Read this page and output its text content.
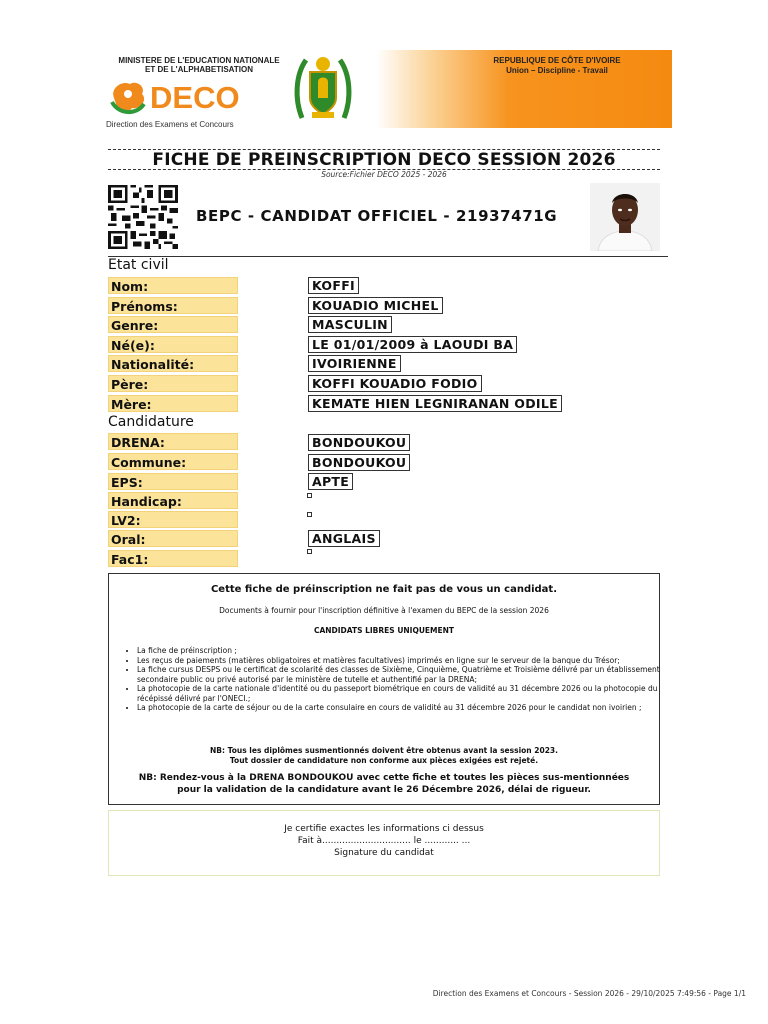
MINISTERE DE L'EDUCATION NATIONALE
ET DE L'ALPHABETISATION
DECO
Direction des Examens et Concours
REPUBLIQUE DE CÔTE D'IVOIRE
Union – Discipline - Travail
FICHE DE PREINSCRIPTION DECO SESSION 2026
Source:Fichier DECO 2025 - 2026
BEPC - CANDIDAT OFFICIEL - 21937471G
Etat civil
Nom:	KOFFI
Prénoms:	KOUADIO MICHEL
Genre:	MASCULIN
Né(e):	LE 01/01/2009 à LAOUDI BA
Nationalité:	IVOIRIENNE
Père:	KOFFI KOUADIO FODIO
Mère:	KEMATE HIEN LEGNIRANAN ODILE
Candidature
DRENA:	BONDOUKOU
Commune:	BONDOUKOU
EPS:	APTE
Handicap:
LV2:
Oral:	ANGLAIS
Fac1:
Cette fiche de préinscription ne fait pas de vous un candidat.
Documents à fournir pour l'inscription définitive à l'examen du BEPC de la session 2026
CANDIDATS LIBRES UNIQUEMENT
• La fiche de préinscription ;
• Les reçus de paiements (matières obligatoires et matières facultatives) imprimés en ligne sur le serveur de la banque du Trésor;
• La fiche cursus DESPS ou le certificat de scolarité des classes de Sixième, Cinquième, Quatrième et Troisième délivré par un établissement secondaire public ou privé autorisé par le ministère de tutelle et authentifié par la DRENA;
• La photocopie de la carte nationale d'identité ou du passeport biométrique en cours de validité au 31 décembre 2026 ou la photocopie du récépissé délivré par l'ONECI.;
• La photocopie de la carte de séjour ou de la carte consulaire en cours de validité au 31 décembre 2026 pour le candidat non ivoirien ;
NB: Tous les diplômes susmentionnés doivent être obtenus avant la session 2023.
Tout dossier de candidature non conforme aux pièces exigées est rejeté.
NB: Rendez-vous à la DRENA BONDOUKOU avec cette fiche et toutes les pièces sus-mentionnées
pour la validation de la candidature avant le 26 Décembre 2026, délai de rigueur.
Je certifie exactes les informations ci dessus
Fait à............................... le ............ ...
Signature du candidat
Direction des Examens et Concours - Session 2026 - 29/10/2025 7:49:56 - Page 1/1
